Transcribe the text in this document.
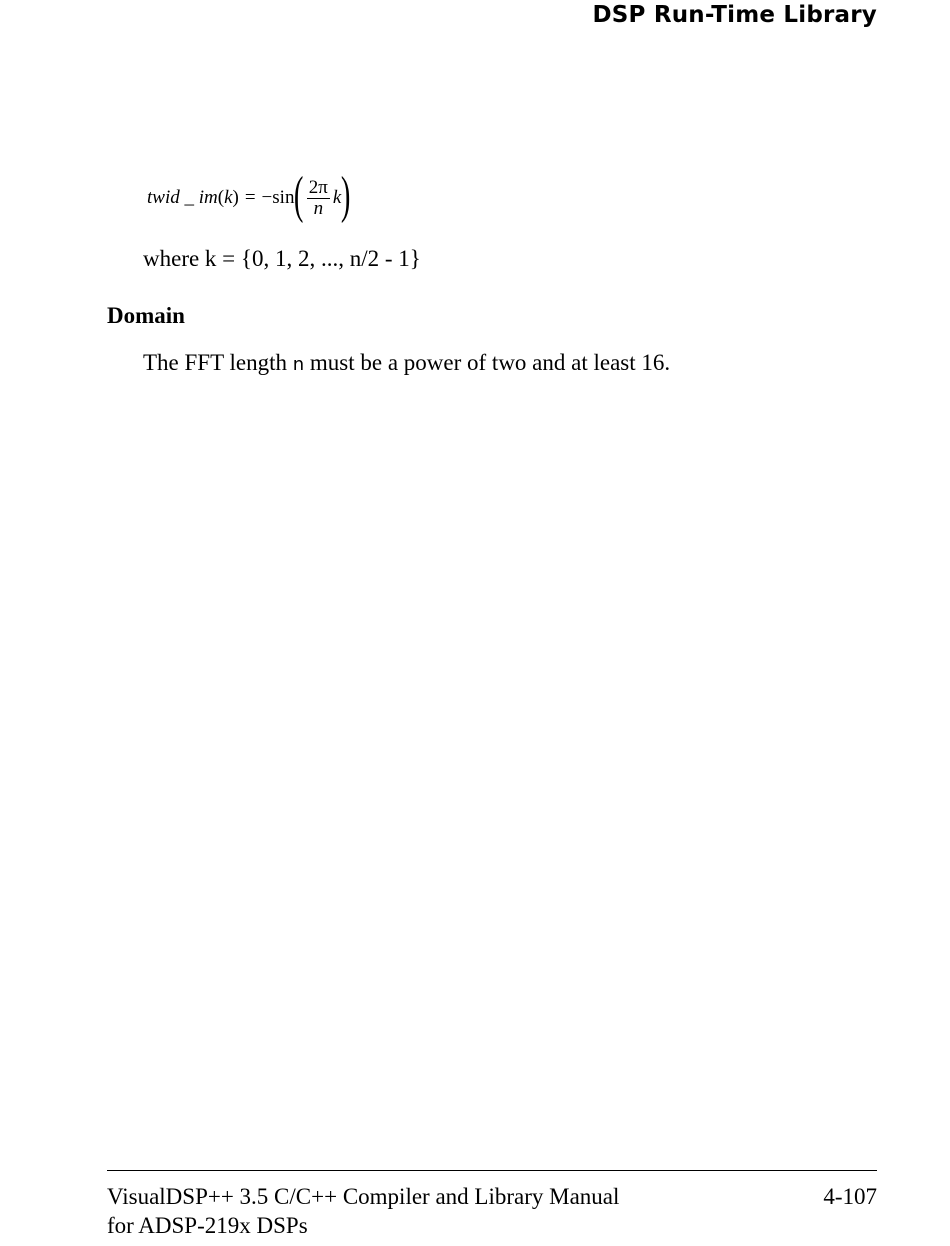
DSP Run-Time Library
twid _ im ( k ) = − sin ( $\frac{2\pi}{n}$ k )
where k = {0, 1, 2, ..., n/2 - 1}
Domain
The FFT length n must be a power of two and at least 16.
VisualDSP++ 3.5 C/C++ Compiler and Library Manual
for ADSP-219x DSPs
4-107
